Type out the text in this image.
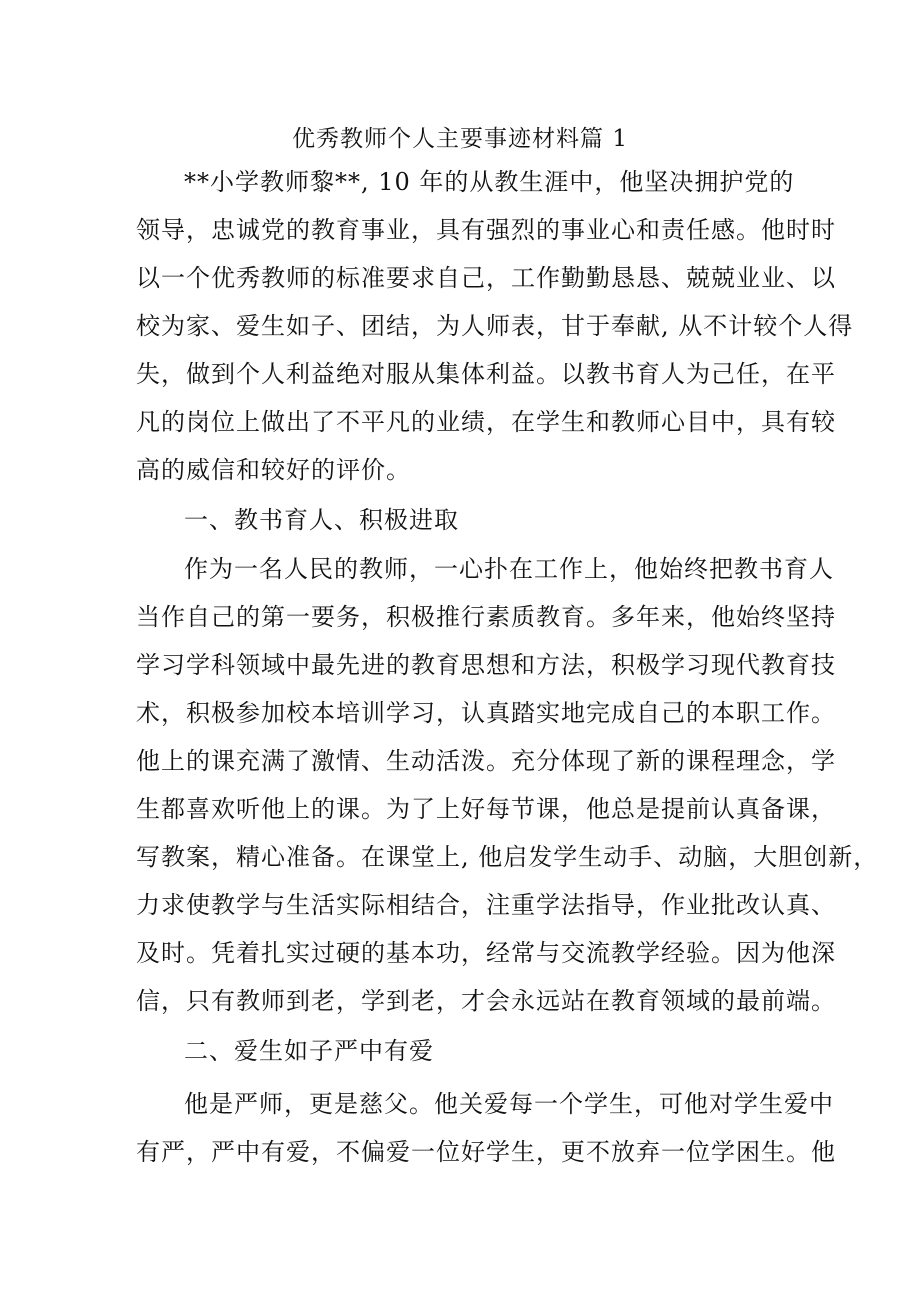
优秀教师个人主要事迹材料篇 1
**小学教师黎**, 10 年的从教生涯中，他坚决拥护党的
领导，忠诚党的教育事业，具有强烈的事业心和责任感。他时时
以一个优秀教师的标准要求自己，工作勤勤恳恳、兢兢业业、以
校为家、爱生如子、团结，为人师表，甘于奉献, 从不计较个人得
失，做到个人利益绝对服从集体利益。以教书育人为己任，在平
凡的岗位上做出了不平凡的业绩，在学生和教师心目中，具有较
高的威信和较好的评价。
一、教书育人、积极进取
作为一名人民的教师，一心扑在工作上，他始终把教书育人
当作自己的第一要务，积极推行素质教育。多年来，他始终坚持
学习学科领域中最先进的教育思想和方法，积极学习现代教育技
术，积极参加校本培训学习，认真踏实地完成自己的本职工作。
他上的课充满了激情、生动活泼。充分体现了新的课程理念，学
生都喜欢听他上的课。为了上好每节课，他总是提前认真备课，
写教案，精心准备。在课堂上, 他启发学生动手、动脑，大胆创新，
力求使教学与生活实际相结合，注重学法指导，作业批改认真、
及时。凭着扎实过硬的基本功，经常与交流教学经验。因为他深
信，只有教师到老，学到老，才会永远站在教育领域的最前端。
二、爱生如子严中有爱
他是严师，更是慈父。他关爱每一个学生，可他对学生爱中
有严，严中有爱，不偏爱一位好学生，更不放弃一位学困生。他
